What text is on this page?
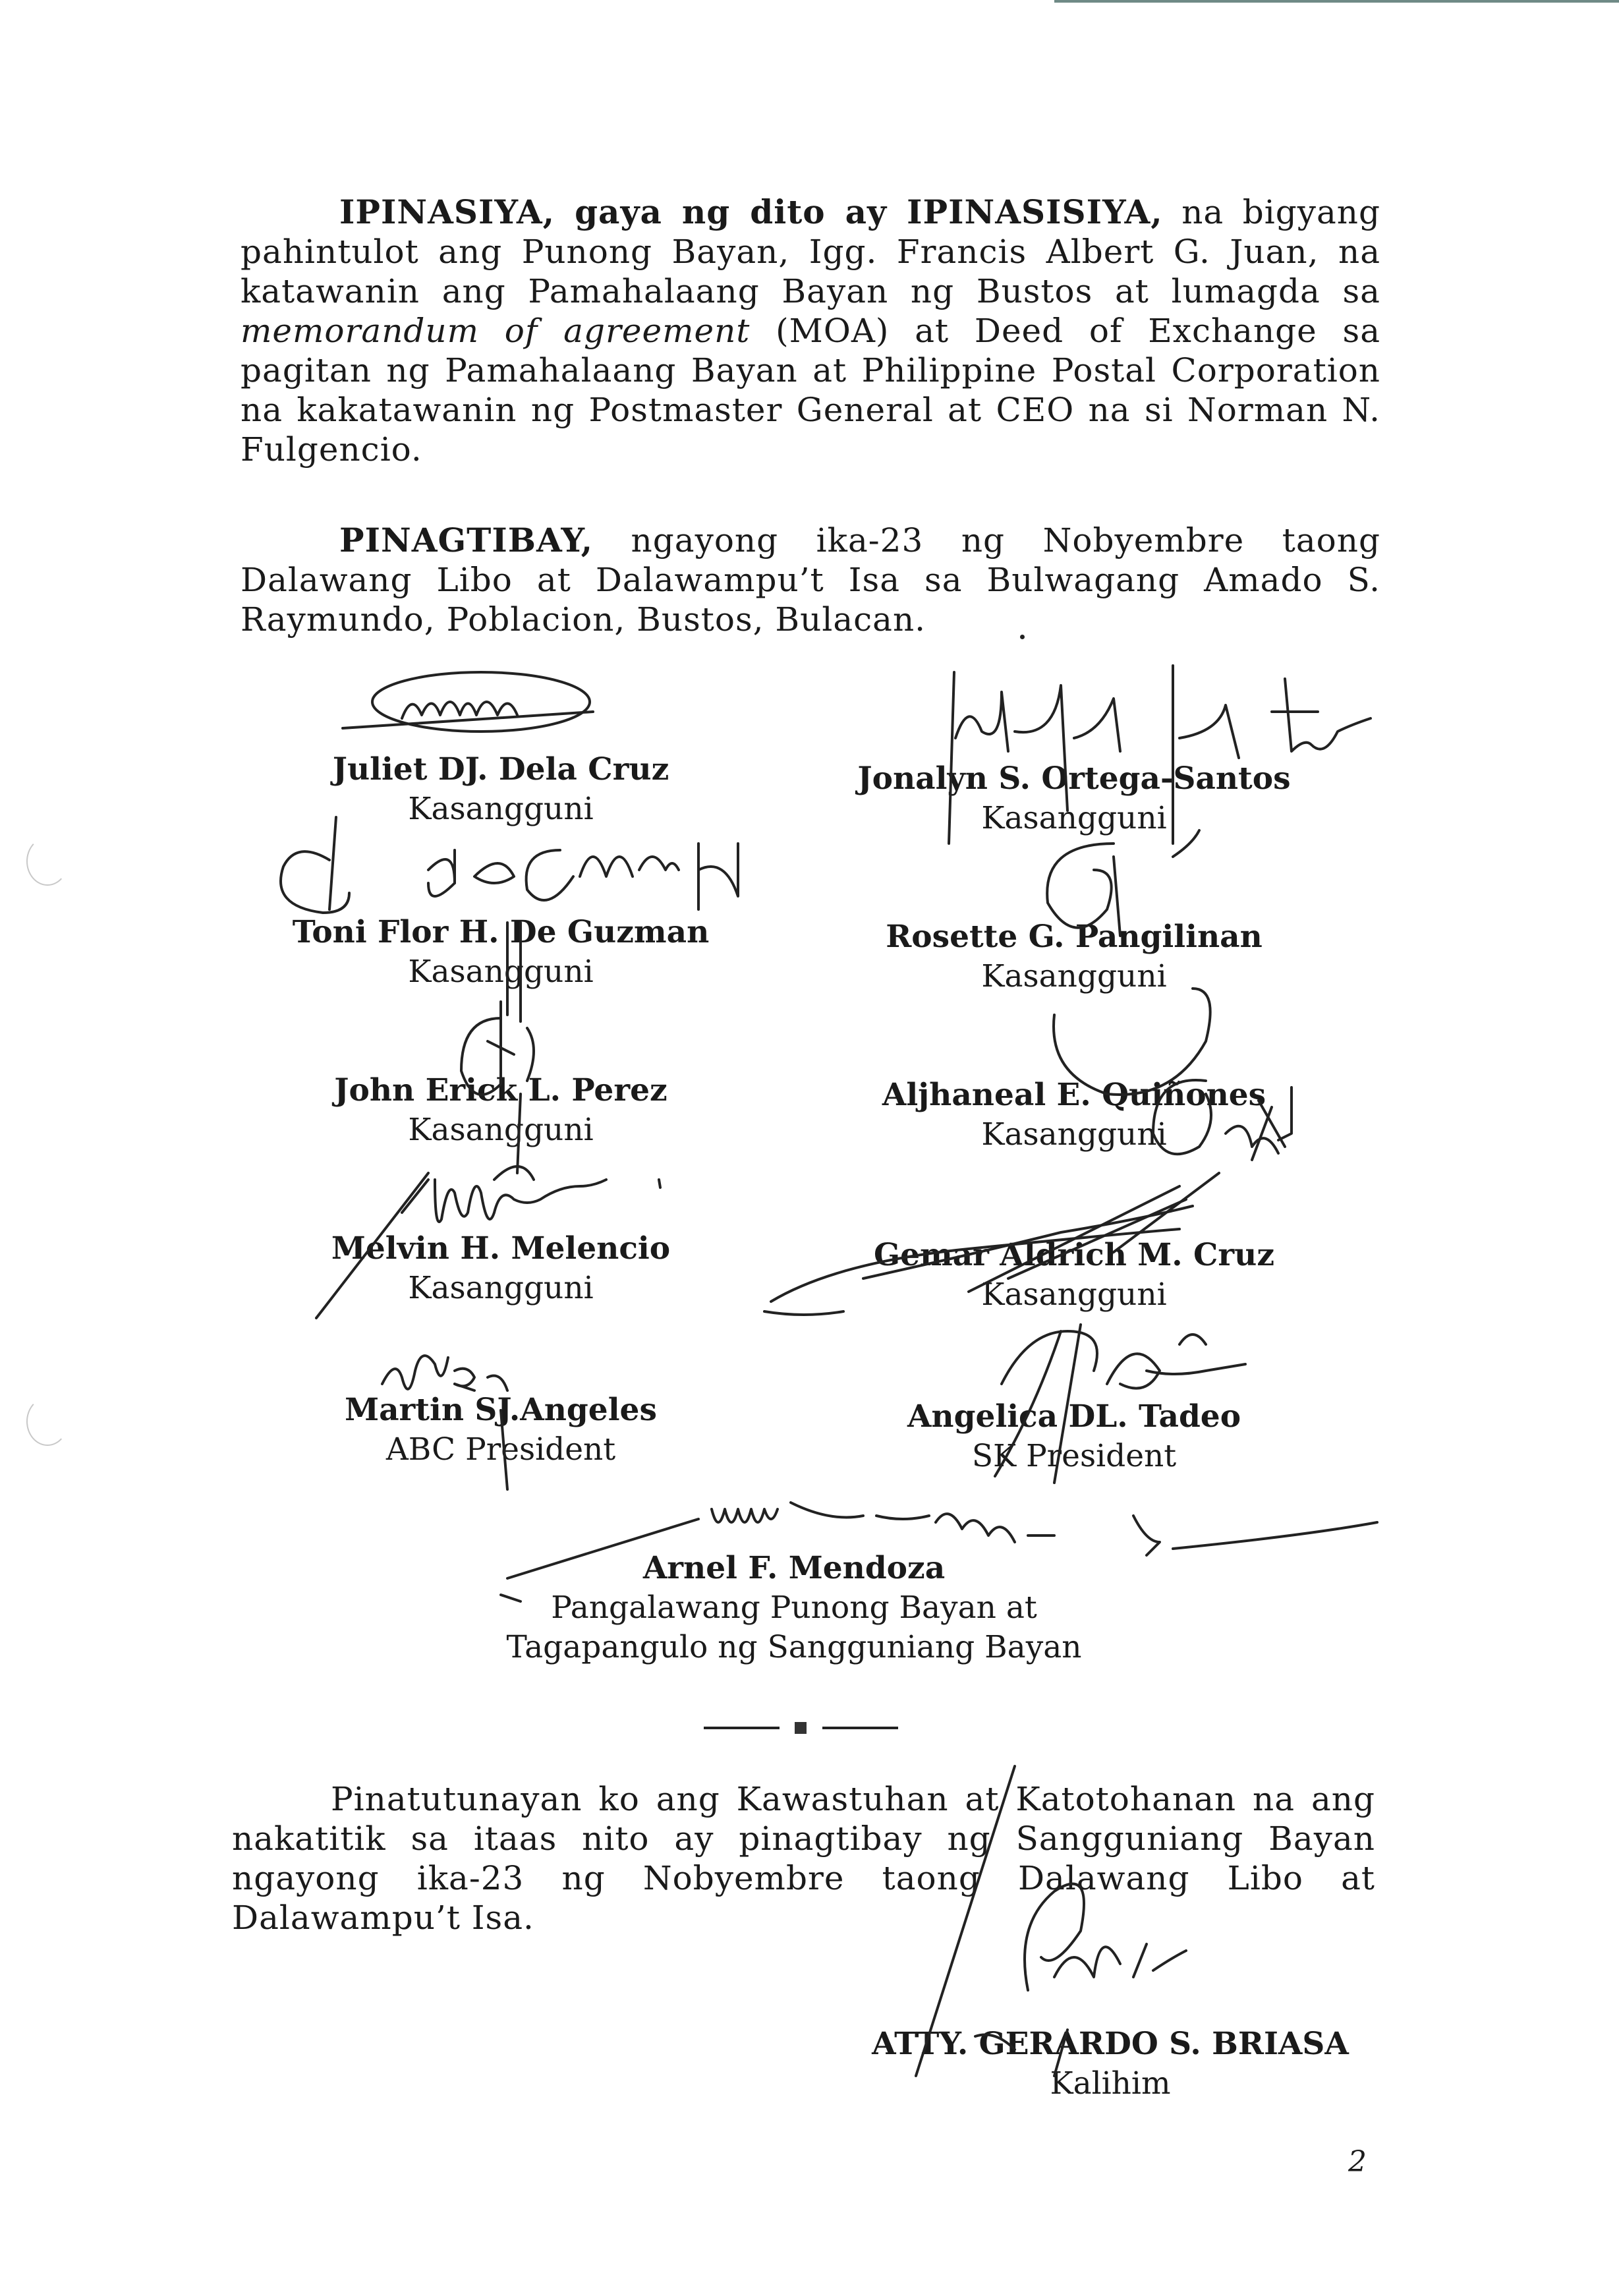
IPINASIYA, gaya ng dito ay IPINASISIYA, na bigyang pahintulot ang Punong Bayan, Igg. Francis Albert G. Juan, na katawanin ang Pamahalaang Bayan ng Bustos at lumagda sa memorandum of agreement (MOA) at Deed of Exchange sa pagitan ng Pamahalaang Bayan at Philippine Postal Corporation na kakatawanin ng Postmaster General at CEO na si Norman N. Fulgencio.

PINAGTIBAY, ngayong ika-23 ng Nobyembre taong Dalawang Libo at Dalawampu’t Isa sa Bulwagang Amado S. Raymundo, Poblacion, Bustos, Bulacan.

Juliet DJ. Dela Cruz
Kasangguni
Jonalyn S. Ortega-Santos
Kasangguni
Toni Flor H. De Guzman
Kasangguni
Rosette G. Pangilinan
Kasangguni
John Erick L. Perez
Kasangguni
Aljhaneal E. Quiñones
Kasangguni
Melvin H. Melencio
Kasangguni
Gemar Aldrich M. Cruz
Kasangguni
Martin SJ.Angeles
ABC President
Angelica DL. Tadeo
SK President
Arnel F. Mendoza
Pangalawang Punong Bayan at
Tagapangulo ng Sangguniang Bayan

Pinatutunayan ko ang Kawastuhan at Katotohanan na ang nakatitik sa itaas nito ay pinagtibay ng Sangguniang Bayan ngayong ika-23 ng Nobyembre taong Dalawang Libo at Dalawampu’t Isa.

ATTY. GERARDO S. BRIASA
Kalihim
2
